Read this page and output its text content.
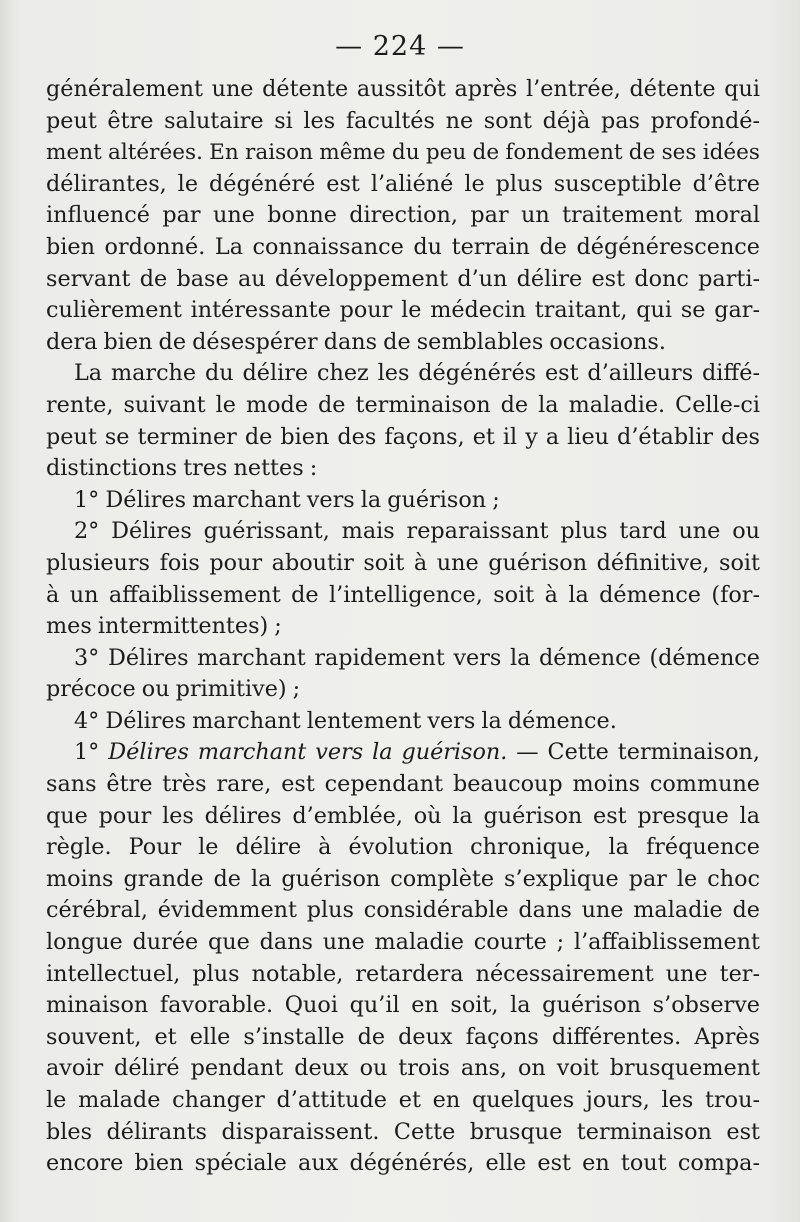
— 224 —
généralement une détente aussitôt après l’entrée, détente qui
peut être salutaire si les facultés ne sont déjà pas profondé-
ment altérées. En raison même du peu de fondement de ses idées
délirantes, le dégénéré est l’aliéné le plus susceptible d’être
influencé par une bonne direction, par un traitement moral
bien ordonné. La connaissance du terrain de dégénérescence
servant de base au développement d’un délire est donc parti-
culièrement intéressante pour le médecin traitant, qui se gar-
dera bien de désespérer dans de semblables occasions.
La marche du délire chez les dégénérés est d’ailleurs diffé-
rente, suivant le mode de terminaison de la maladie. Celle-ci
peut se terminer de bien des façons, et il y a lieu d’établir des
distinctions tres nettes :
1° Délires marchant vers la guérison ;
2° Délires guérissant, mais reparaissant plus tard une ou
plusieurs fois pour aboutir soit à une guérison définitive, soit
à un affaiblissement de l’intelligence, soit à la démence (for-
mes intermittentes) ;
3° Délires marchant rapidement vers la démence (démence
précoce ou primitive) ;
4° Délires marchant lentement vers la démence.
1° Délires marchant vers la guérison. — Cette terminaison,
sans être très rare, est cependant beaucoup moins commune
que pour les délires d’emblée, où la guérison est presque la
règle. Pour le délire à évolution chronique, la fréquence
moins grande de la guérison complète s’explique par le choc
cérébral, évidemment plus considérable dans une maladie de
longue durée que dans une maladie courte ; l’affaiblissement
intellectuel, plus notable, retardera nécessairement une ter-
minaison favorable. Quoi qu’il en soit, la guérison s’observe
souvent, et elle s’installe de deux façons différentes. Après
avoir déliré pendant deux ou trois ans, on voit brusquement
le malade changer d’attitude et en quelques jours, les trou-
bles délirants disparaissent. Cette brusque terminaison est
encore bien spéciale aux dégénérés, elle est en tout compa-
